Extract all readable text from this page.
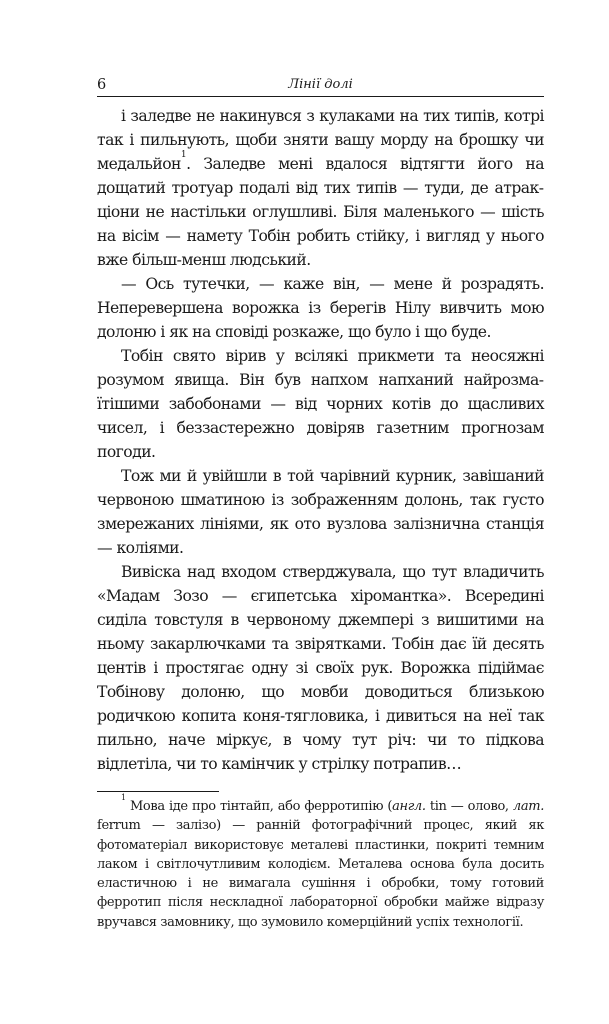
6	Лінії долі

і заледве не накинувся з кулаками на тих типів, котрі так і пильнують, щоби зняти вашу морду на брошку чи медальйон$^1$. Заледве мені вдалося відтягти його на дощатий тротуар подалі від тих типів — туди, де атракціони не настільки оглушливі. Біля маленького — шість на вісім — намету Тобін робить стійку, і вигляд у нього вже більш-менш людський.

— Ось тутечки, — каже він, — мене й розрадять. Неперевершена ворожка із берегів Нілу вивчить мою долоню і як на сповіді розкаже, що було і що буде.

Тобін свято вірив у всілякі прикмети та неосяжні розумом явища. Він був напхом напханий найрозмаїтішими забобонами — від чорних котів до щасливих чисел, і беззастережно довіряв газетним прогнозам погоди.

Тож ми й увійшли в той чарівний курник, завішаний червоною шматиною із зображенням долонь, так густо змережаних лініями, як ото вузлова залізнична станція — коліями.

Вивіска над входом стверджувала, що тут владичить «Мадам Зозо — єгипетська хіромантка». Всередині сиділа товстуля в червоному джемпері з вишитими на ньому закарлючками та звірятками. Тобін дає їй десять центів і простягає одну зі своїх рук. Ворожка підіймає Тобінову долоню, що мовби доводиться близькою родичкою копита коня-тягловика, і дивиться на неї так пильно, наче міркує, в чому тут річ: чи то підкова відлетіла, чи то камінчик у стрілку потрапив…

$^1$ Мова іде про тінтайп, або ферротипію (англ. tin — олово, лат. ferrum — залізо) — ранній фотографічний процес, який як фотоматеріал використовує металеві пластинки, покриті темним лаком і світлочутливим колодієм. Металева основа була досить еластичною і не вимагала сушіння і обробки, тому готовий ферротип після нескладної лабораторної обробки майже відразу вручався замовнику, що зумовило комерційний успіх технології.
